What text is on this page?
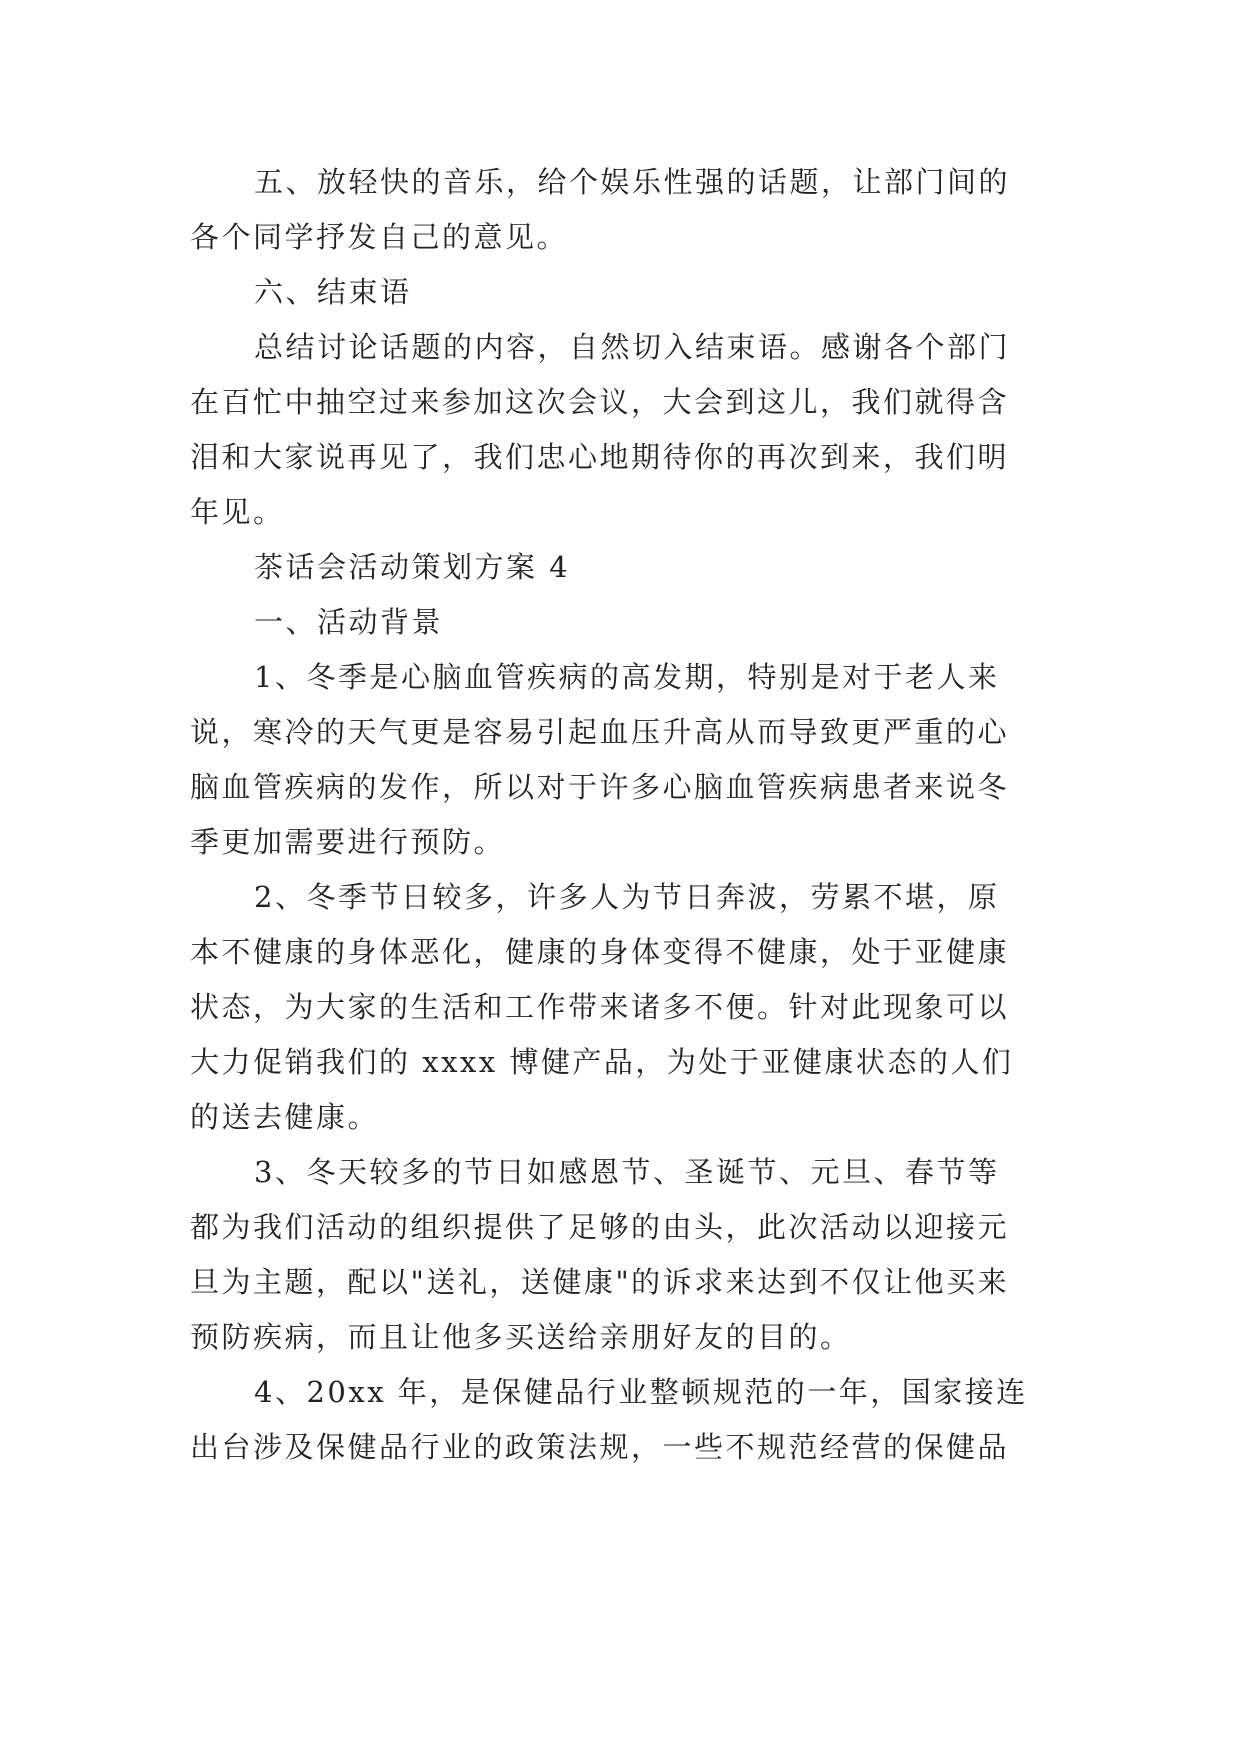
五、放轻快的音乐，给个娱乐性强的话题，让部门间的
各个同学抒发自己的意见。
六、结束语
总结讨论话题的内容，自然切入结束语。感谢各个部门
在百忙中抽空过来参加这次会议，大会到这儿，我们就得含
泪和大家说再见了，我们忠心地期待你的再次到来，我们明
年见。
茶话会活动策划方案 4
一、活动背景
1、冬季是心脑血管疾病的高发期，特别是对于老人来
说，寒冷的天气更是容易引起血压升高从而导致更严重的心
脑血管疾病的发作，所以对于许多心脑血管疾病患者来说冬
季更加需要进行预防。
2、冬季节日较多，许多人为节日奔波，劳累不堪，原
本不健康的身体恶化，健康的身体变得不健康，处于亚健康
状态，为大家的生活和工作带来诸多不便。针对此现象可以
大力促销我们的 xxxx 博健产品，为处于亚健康状态的人们
的送去健康。
3、冬天较多的节日如感恩节、圣诞节、元旦、春节等
都为我们活动的组织提供了足够的由头，此次活动以迎接元
旦为主题，配以"送礼，送健康"的诉求来达到不仅让他买来
预防疾病，而且让他多买送给亲朋好友的目的。
4、20xx 年，是保健品行业整顿规范的一年，国家接连
出台涉及保健品行业的政策法规，一些不规范经营的保健品
